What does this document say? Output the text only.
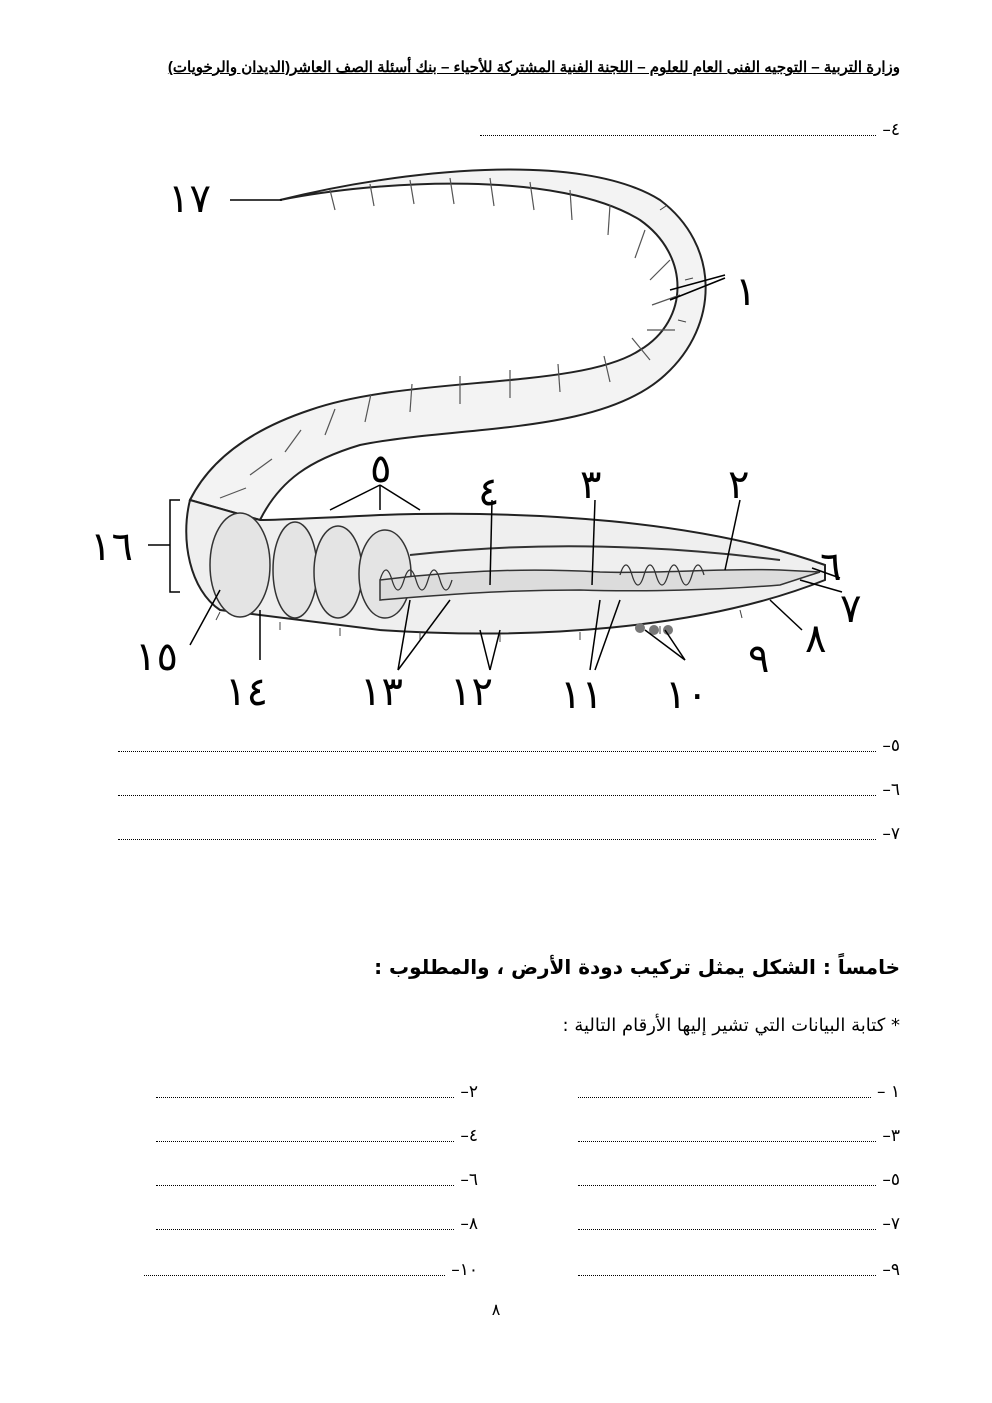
وزارة التربية – التوجيه الفنى العام للعلوم – اللجنة الفنية المشتركة للأحياء – بنك أسئلة الصف العاشر(الديدان والرخويات)
٤–
١٧
١
٢
٣
٤
٥
٦
٧
٨
٩
١٠
١١
١٢
١٣
١٤
١٥
١٦
٥–
٦–
٧–
خامساً : الشكل يمثل تركيب دودة الأرض ، والمطلوب :
* كتابة البيانات التي تشير إليها الأرقام التالية :
١ –
٣–
٥–
٧–
٩–
٢–
٤–
٦–
٨–
١٠–
٨
